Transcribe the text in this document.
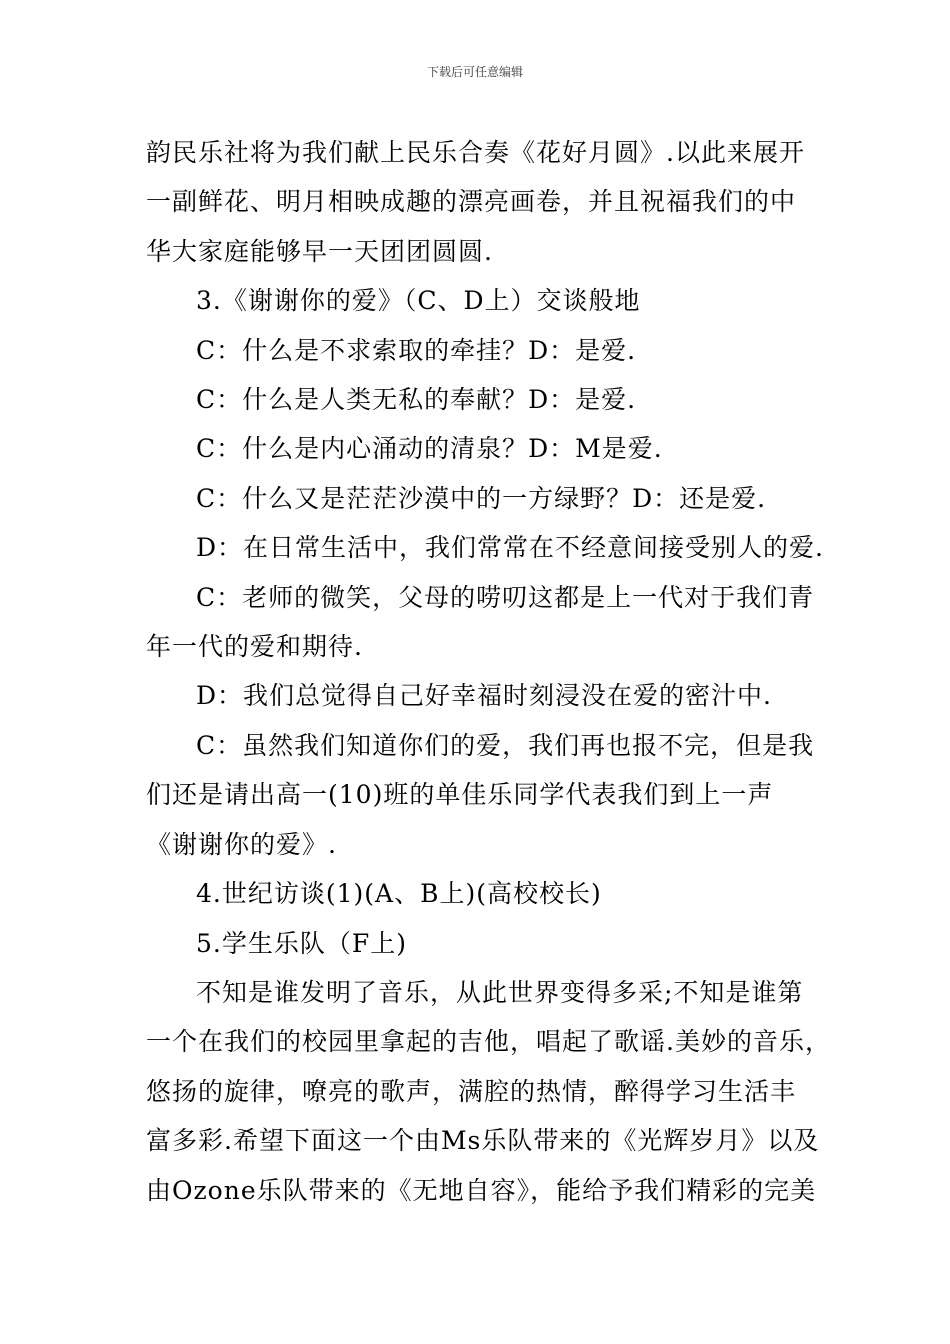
下载后可任意编辑

韵民乐社将为我们献上民乐合奏《花好月圆》.以此来展开
一副鲜花、明月相映成趣的漂亮画卷，并且祝福我们的中
华大家庭能够早一天团团圆圆.

3.《谢谢你的爱》（C、D上）交谈般地

C：什么是不求索取的牵挂？D：是爱.

C：什么是人类无私的奉献？D：是爱.

C：什么是内心涌动的清泉？D：M是爱.

C：什么又是茫茫沙漠中的一方绿野？D：还是爱.

D：在日常生活中，我们常常在不经意间接受别人的爱.

C：老师的微笑，父母的唠叨这都是上一代对于我们青
年一代的爱和期待.

D：我们总觉得自己好幸福时刻浸没在爱的密汁中.

C：虽然我们知道你们的爱，我们再也报不完，但是我
们还是请出高一(10)班的单佳乐同学代表我们到上一声
《谢谢你的爱》.

4.世纪访谈(1)(A、B上)(高校校长)

5.学生乐队（F上)

不知是谁发明了音乐，从此世界变得多采;不知是谁第
一个在我们的校园里拿起的吉他，唱起了歌谣.美妙的音乐，
悠扬的旋律，嘹亮的歌声，满腔的热情，醉得学习生活丰
富多彩.希望下面这一个由Ms乐队带来的《光辉岁月》以及
由Ozone乐队带来的《无地自容》，能给予我们精彩的完美
